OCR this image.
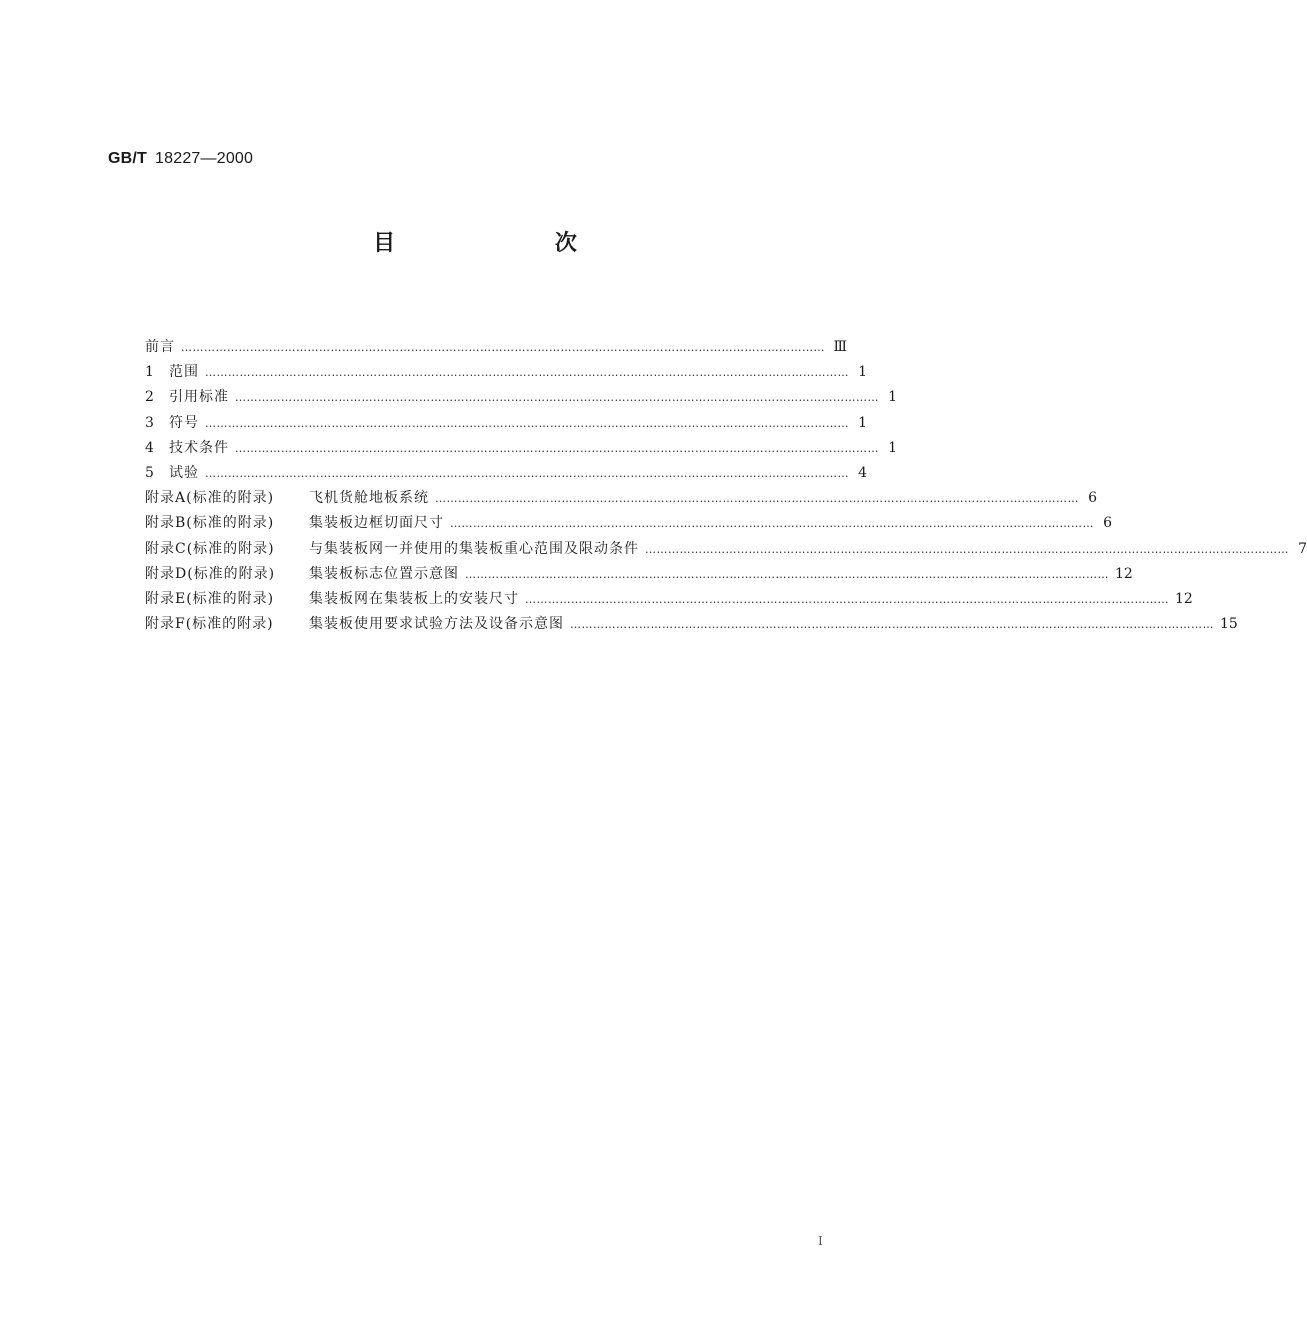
GB/T 18227—2000
目 次
前言 …………………………………………………………………………………………………………………………………………………… Ⅲ
1 范围 …………………………………………………………………………………………………………………………………………………… 1
2 引用标准 …………………………………………………………………………………………………………………………………………………… 1
3 符号 …………………………………………………………………………………………………………………………………………………… 1
4 技术条件 …………………………………………………………………………………………………………………………………………………… 1
5 试验 …………………………………………………………………………………………………………………………………………………… 4
附录A(标准的附录) 飞机货舱地板系统 …………………………………………………………………………………………………………………………………………………… 6
附录B(标准的附录) 集装板边框切面尺寸 …………………………………………………………………………………………………………………………………………………… 6
附录C(标准的附录) 与集装板网一并使用的集装板重心范围及限动条件 …………………………………………………………………………………………………………………………………………………… 7
附录D(标准的附录) 集装板标志位置示意图 …………………………………………………………………………………………………………………………………………………… 12
附录E(标准的附录) 集装板网在集装板上的安装尺寸 …………………………………………………………………………………………………………………………………………………… 12
附录F(标准的附录)	集装板使用要求试验方法及设备示意图 …………………………………………………………………………………………………………………………………………………… 15
Ⅰ
